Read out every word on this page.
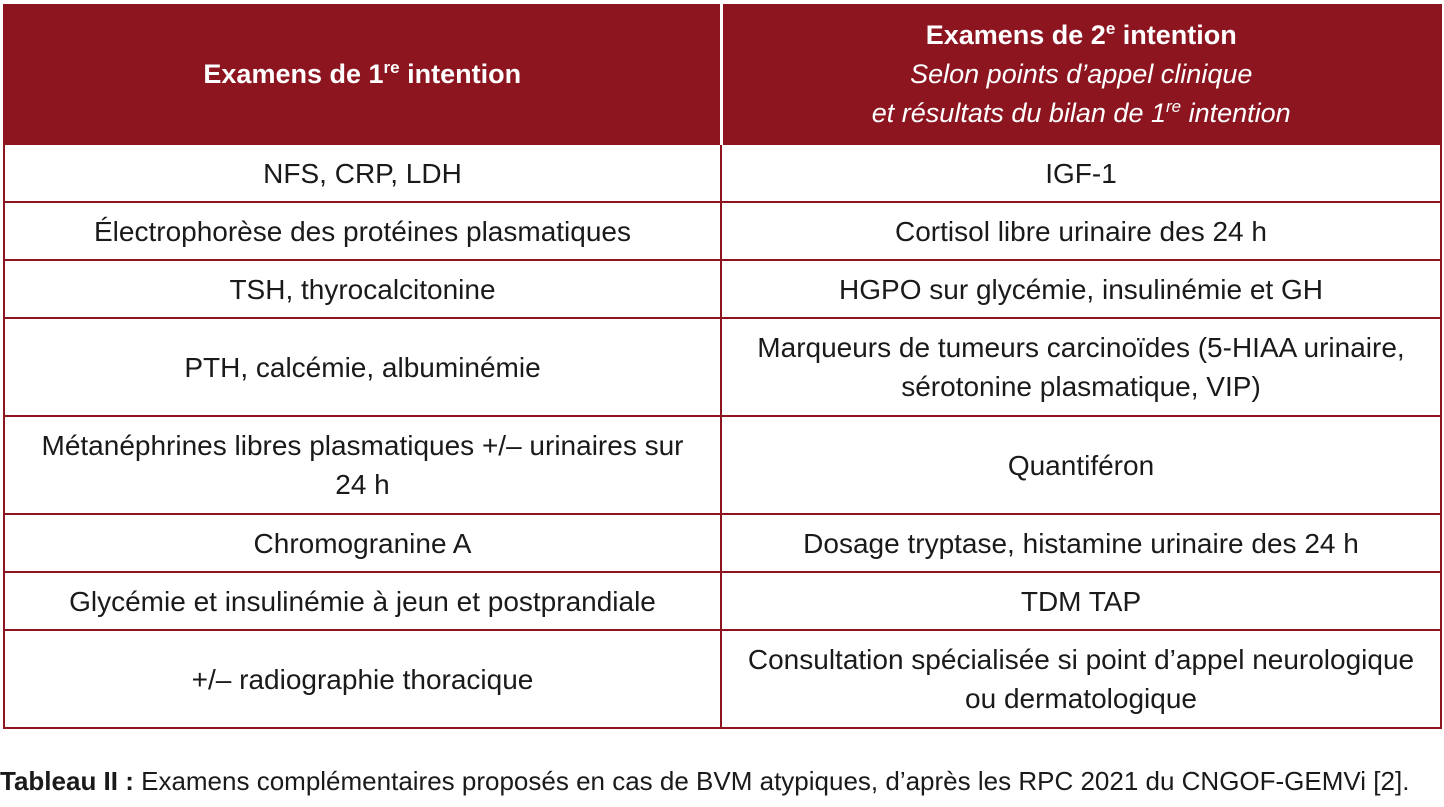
Examens de 1re intention	Examens de 2e intention
Selon points d’appel clinique
et résultats du bilan de 1re intention

NFS, CRP, LDH	IGF-1
Électrophorèse des protéines plasmatiques	Cortisol libre urinaire des 24 h
TSH, thyrocalcitonine	HGPO sur glycémie, insulinémie et GH
PTH, calcémie, albuminémie	Marqueurs de tumeurs carcinoïdes (5-HIAA urinaire, sérotonine plasmatique, VIP)
Métanéphrines libres plasmatiques +/– urinaires sur 24 h	Quantiféron
Chromogranine A	Dosage tryptase, histamine urinaire des 24 h
Glycémie et insulinémie à jeun et postprandiale	TDM TAP
+/– radiographie thoracique	Consultation spécialisée si point d’appel neurologique ou dermatologique
Tableau II : Examens complémentaires proposés en cas de BVM atypiques, d’après les RPC 2021 du CNGOF-GEMVi [2].
